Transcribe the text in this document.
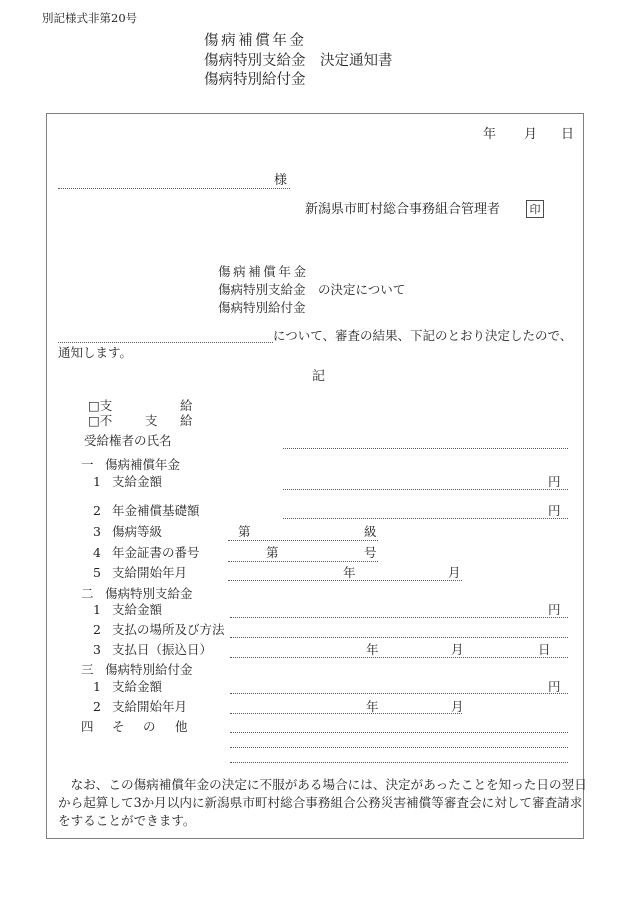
別記様式非第20号
傷病補償年金
傷病特別支給金　決定通知書
傷病特別給付金
年 月 日
様
新潟県市町村総合事務組合管理者	印
傷病補償年金
傷病特別支給金　の決定について
傷病特別給付金
について、審査の結果、下記のとおり決定したので、
通知します。
記
□支	給
□不	支 給
受給権者の氏名
一 傷病補償年金
1 支給金額	円
2 年金補償基礎額	円
3 傷病等級	第	級
4 年金証書の番号	第	号
5 支給開始年月	年	月
二 傷病特別支給金
1 支給金額	円
2 支払の場所及び方法
3 支払日（振込日）	年	月	日
三 傷病特別給付金
1 支給金額	円
2 支給開始年月	年	月
四 そ の 他
　なお、この傷病補償年金の決定に不服がある場合には、決定があったことを知った日の翌日
から起算して3か月以内に新潟県市町村総合事務組合公務災害補償等審査会に対して審査請求
をすることができます。
